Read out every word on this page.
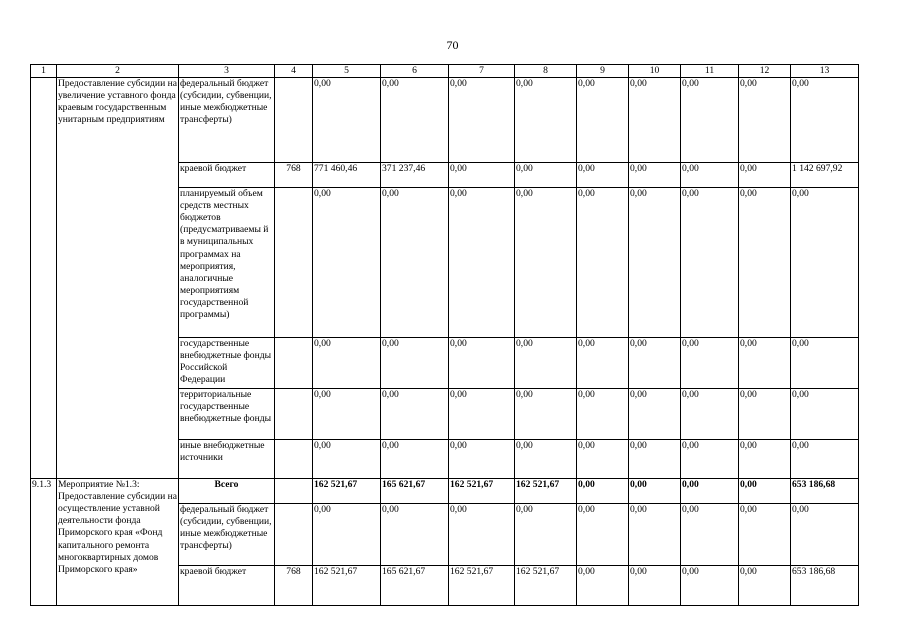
70
1	2	3	4	5	6	7	8	9	10	11	12	13
	Предоставление субсидии на увеличение уставного фонда краевым государственным унитарным предприятиям	федеральный бюджет (субсидии, субвенции, иные межбюджетные трансферты)		0,00	0,00	0,00	0,00	0,00	0,00	0,00	0,00	0,00
		краевой бюджет	768	771 460,46	371 237,46	0,00	0,00	0,00	0,00	0,00	0,00	1 142 697,92
		планируемый объем средств местных бюджетов (предусматриваемы й в муниципальных программах на мероприятия, аналогичные мероприятиям государственной программы)		0,00	0,00	0,00	0,00	0,00	0,00	0,00	0,00	0,00
		государственные внебюджетные фонды Российской Федерации		0,00	0,00	0,00	0,00	0,00	0,00	0,00	0,00	0,00
		территориальные государственные внебюджетные фонды		0,00	0,00	0,00	0,00	0,00	0,00	0,00	0,00	0,00
		иные внебюджетные источники		0,00	0,00	0,00	0,00	0,00	0,00	0,00	0,00	0,00
9.1.3	Мероприятие №1.3: Предоставление субсидии на осуществление уставной деятельности фонда Приморского края «Фонд капитального ремонта многоквартирных домов Приморского края»	Всего		162 521,67	165 621,67	162 521,67	162 521,67	0,00	0,00	0,00	0,00	653 186,68
		федеральный бюджет (субсидии, субвенции, иные межбюджетные трансферты)		0,00	0,00	0,00	0,00	0,00	0,00	0,00	0,00	0,00
		краевой бюджет	768	162 521,67	165 621,67	162 521,67	162 521,67	0,00	0,00	0,00	0,00	653 186,68
